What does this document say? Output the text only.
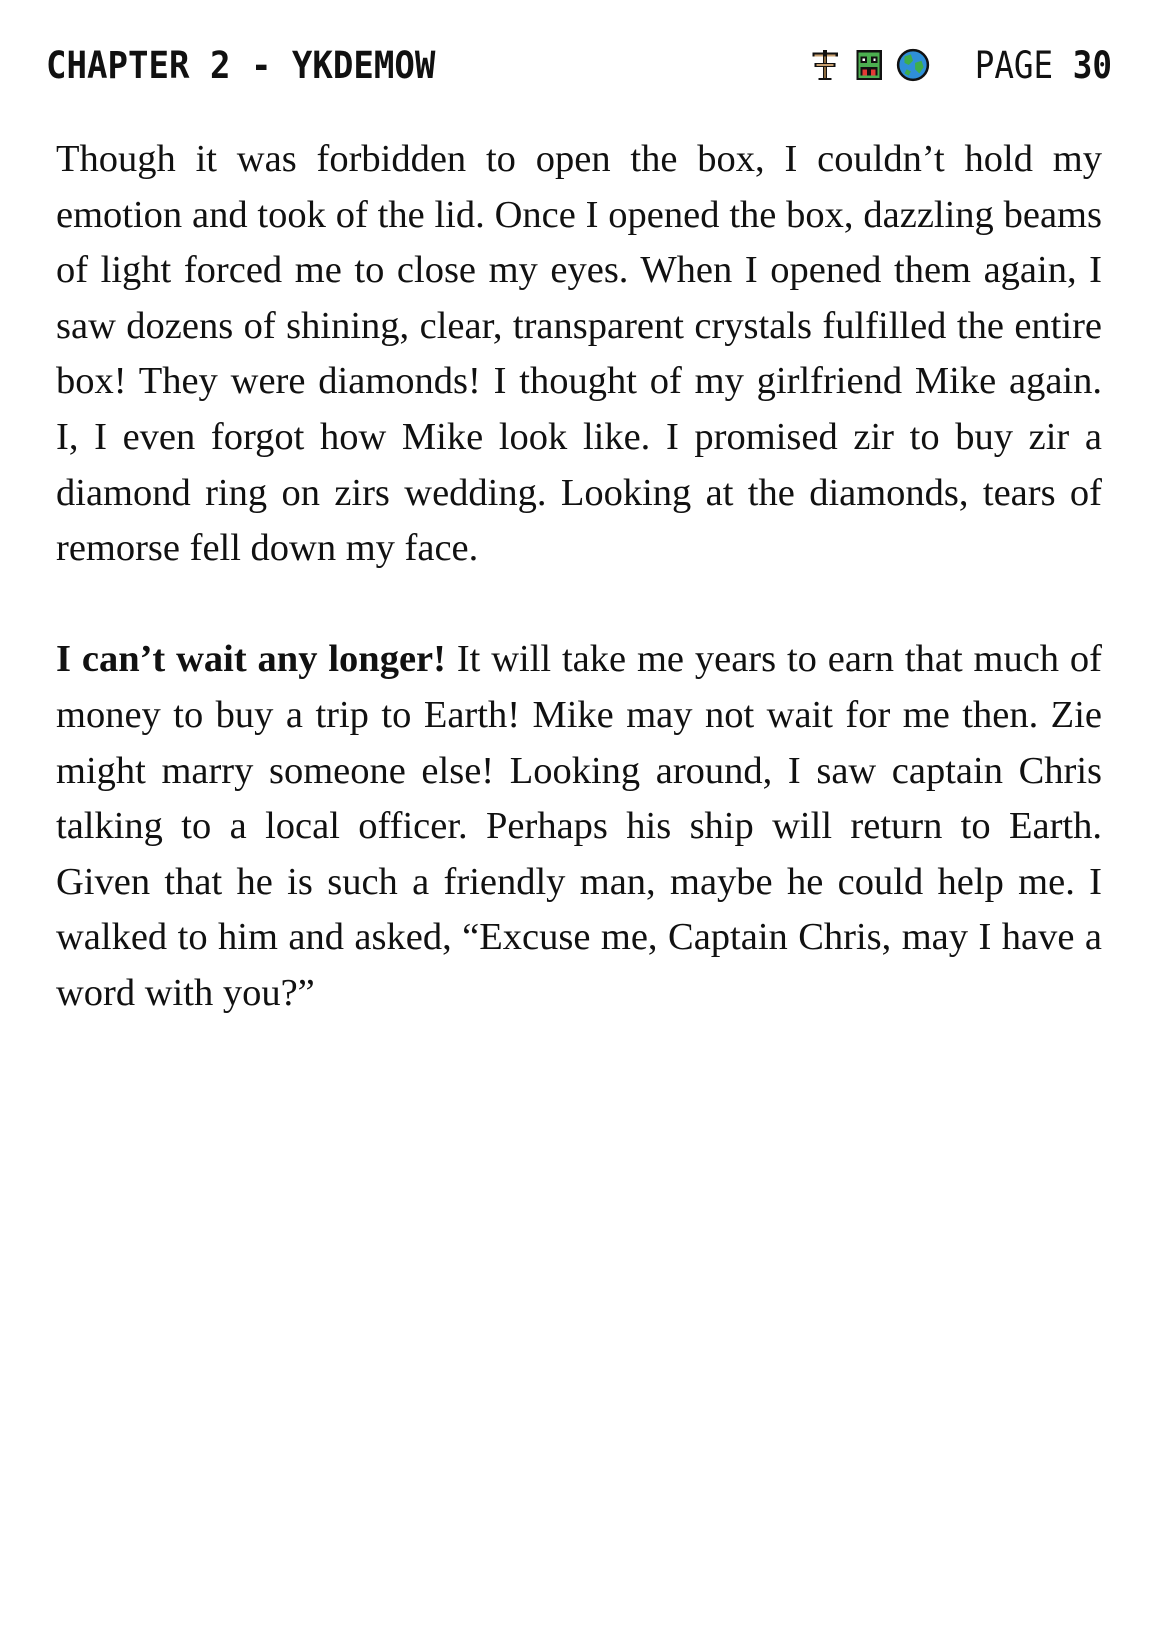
CHAPTER 2 - YKDEMOW	PAGE 30

Though it was forbidden to open the box, I couldn’t hold my emotion and took of the lid. Once I opened the box, dazzling beams of light forced me to close my eyes. When I opened them again, I saw dozens of shining, clear, transparent crystals fulfilled the entire box! They were diamonds! I thought of my girlfriend Mike again. I, I even forgot how Mike look like. I promised zir to buy zir a diamond ring on zirs wedding. Looking at the diamonds, tears of remorse fell down my face.

I can’t wait any longer! It will take me years to earn that much of money to buy a trip to Earth! Mike may not wait for me then. Zie might marry someone else! Looking around, I saw captain Chris talking to a local officer. Perhaps his ship will return to Earth. Given that he is such a friendly man, maybe he could help me. I walked to him and asked, “Excuse me, Captain Chris, may I have a word with you?”
